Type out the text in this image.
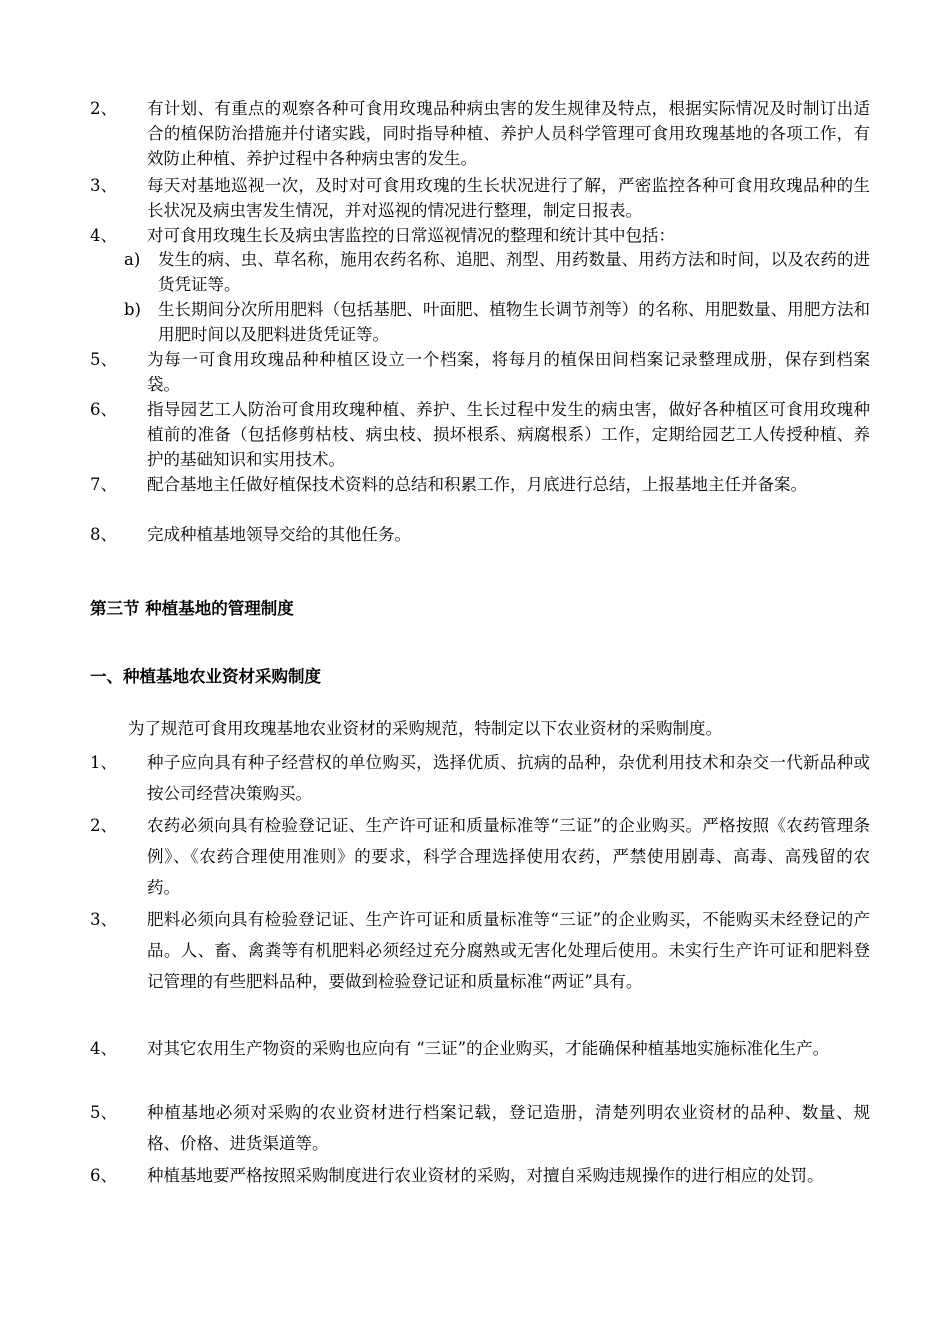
2、	有计划、有重点的观察各种可食用玫瑰品种病虫害的发生规律及特点，根据实际情况及时制订出适合的植保防治措施并付诸实践，同时指导种植、养护人员科学管理可食用玫瑰基地的各项工作，有效防止种植、养护过程中各种病虫害的发生。
3、	每天对基地巡视一次，及时对可食用玫瑰的生长状况进行了解，严密监控各种可食用玫瑰品种的生长状况及病虫害发生情况，并对巡视的情况进行整理，制定日报表。
4、	对可食用玫瑰生长及病虫害监控的日常巡视情况的整理和统计其中包括：
a)	发生的病、虫、草名称，施用农药名称、追肥、剂型、用药数量、用药方法和时间，以及农药的进货凭证等。
b)	生长期间分次所用肥料（包括基肥、叶面肥、植物生长调节剂等）的名称、用肥数量、用肥方法和用肥时间以及肥料进货凭证等。
5、	为每一可食用玫瑰品种种植区设立一个档案，将每月的植保田间档案记录整理成册，保存到档案袋。
6、	指导园艺工人防治可食用玫瑰种植、养护、生长过程中发生的病虫害，做好各种植区可食用玫瑰种植前的准备（包括修剪枯枝、病虫枝、损坏根系、病腐根系）工作，定期给园艺工人传授种植、养护的基础知识和实用技术。
7、	配合基地主任做好植保技术资料的总结和积累工作，月底进行总结，上报基地主任并备案。
8、	完成种植基地领导交给的其他任务。
第三节 种植基地的管理制度
一、种植基地农业资材采购制度
为了规范可食用玫瑰基地农业资材的采购规范，特制定以下农业资材的采购制度。
1、	种子应向具有种子经营权的单位购买，选择优质、抗病的品种，杂优利用技术和杂交一代新品种或按公司经营决策购买。
2、	农药必须向具有检验登记证、生产许可证和质量标准等“三证”的企业购买。严格按照《农药管理条例》、《农药合理使用准则》的要求，科学合理选择使用农药，严禁使用剧毒、高毒、高残留的农药。
3、	肥料必须向具有检验登记证、生产许可证和质量标准等“三证”的企业购买，不能购买未经登记的产品。人、畜、禽粪等有机肥料必须经过充分腐熟或无害化处理后使用。未实行生产许可证和肥料登记管理的有些肥料品种，要做到检验登记证和质量标准“两证”具有。
4、	对其它农用生产物资的采购也应向有 “三证”的企业购买，才能确保种植基地实施标准化生产。
5、	种植基地必须对采购的农业资材进行档案记载，登记造册，清楚列明农业资材的品种、数量、规格、价格、进货渠道等。
6、	种植基地要严格按照采购制度进行农业资材的采购，对擅自采购违规操作的进行相应的处罚。
